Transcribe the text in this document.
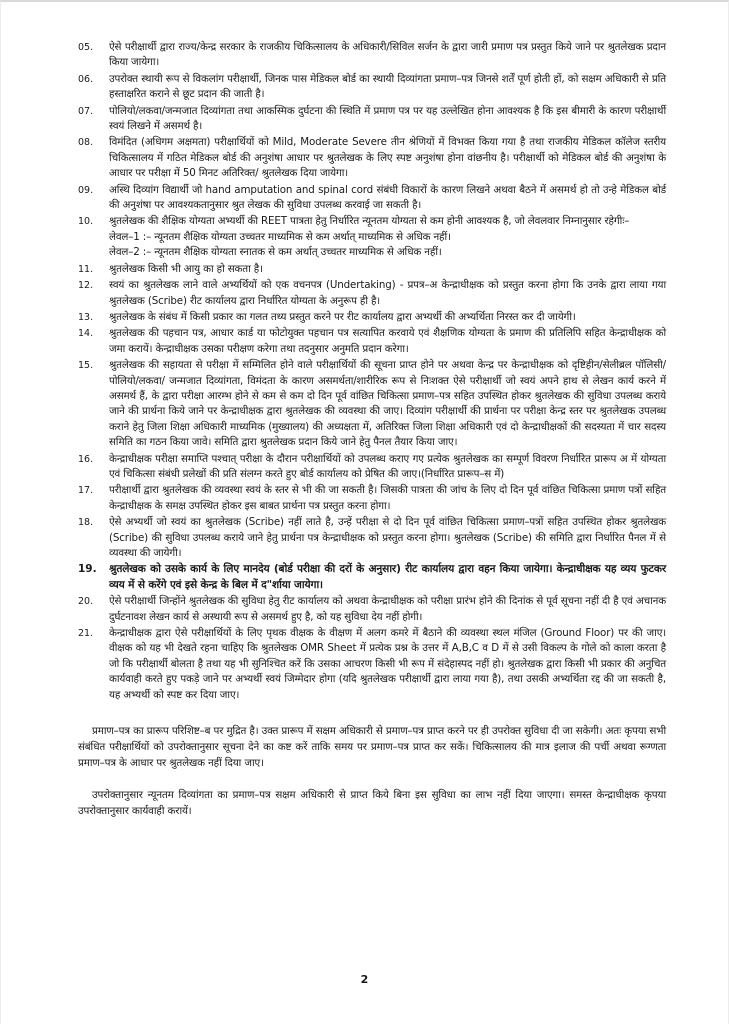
05.	ऐसे परीक्षार्थी द्वारा राज्य/केन्द्र सरकार के राजकीय चिकित्सालय के अधिकारी/सिविल सर्जन के द्वारा जारी प्रमाण पत्र प्रस्तुत किये जाने पर श्रुतलेखक प्रदान किया जायेगा।
06.	उपरोक्त स्थायी रूप से विकलांग परीक्षार्थी, जिनक पास मेडिकल बोर्ड का स्थायी दिव्यांगता प्रमाण–पत्र जिनसे शर्तें पूर्ण होती हों, को सक्षम अधिकारी से प्रति हस्ताक्षरित कराने से छूट प्रदान की जाती है।
07.	पोलियो/लकवा/जन्मजात दिव्यांगता तथा आकस्मिक दुर्घटना की स्थिति में प्रमाण पत्र पर यह उल्लेखित होना आवश्यक है कि इस बीमारी के कारण परीक्षार्थी स्वयं लिखने में असमर्थ है।
08.	विमंदित (अधिगम अक्षमता) परीक्षार्थियों को Mild, Moderate Severe तीन श्रेणियों में विभक्त किया गया है तथा राजकीय मेडिकल कॉलेज स्तरीय चिकित्सालय में गठित मेडिकल बोर्ड की अनुशंषा आधार पर श्रुतलेखक के लिए स्पष्ट अनुशंषा होना वांछनीय है। परीक्षार्थी को मेडिकल बोर्ड की अनुशंषा के आधार पर परीक्षा में 50 मिनट अतिरिक्त/ श्रुतलेखक दिया जायेगा।
09.	अस्थि दिव्यांग विद्यार्थी जो hand amputation and spinal cord संबंधी विकारों के कारण लिखने अथवा बैठने में असमर्थ हो तो उन्हे मेडिकल बोर्ड की अनुशंषा पर आवश्यकतानुसार श्रुत लेखक की सुविधा उपलब्ध करवाई जा सकती है।
10.	श्रुतलेखक की शैक्षिक योग्यता अभ्यर्थी की REET पात्रता हेतु निर्धारित न्यूनतम योग्यता से कम होनी आवश्यक है, जो लेवलवार निम्नानुसार रहेगीः–
लेवल–1 :– न्यूनतम शैक्षिक योग्यता उच्चतर माध्यमिक से कम अर्थात् माध्यमिक से अधिक नहीं।
लेवल–2 :– न्यूनतम शैक्षिक योग्यता स्नातक से कम अर्थात् उच्चतर माध्यमिक से अधिक नहीं।
11.	श्रुतलेखक किसी भी आयु का हो सकता है।
12.	स्वयं का श्रुतलेखक लाने वाले अभ्यर्थियों को एक वचनपत्र (Undertaking) - प्रपत्र–अ केन्द्राधीक्षक को प्रस्तुत करना होगा कि उनके द्वारा लाया गया श्रुतलेखक (Scribe) रीट कार्यालय द्वारा निर्धारित योग्यता के अनुरूप ही है।
13.	श्रुतलेखक के संबंध में किसी प्रकार का गलत तथ्य प्रस्तुत करने पर रीट कार्यालय द्वारा अभ्यर्थी की अभ्यर्थिता निरस्त कर दी जायेगी।
14.	श्रुतलेखक की पहचान पत्र, आधार कार्ड या फोटोयुक्त पहचान पत्र सत्यापित करवाये एवं शैक्षणिक योग्यता के प्रमाण की प्रतिलिपि सहित केन्द्राधीक्षक को जमा करायें। केन्द्राधीक्षक उसका परीक्षण करेगा तथा तदनुसार अनुमति प्रदान करेगा।
15.	श्रुतलेखक की सहायता से परीक्षा में सम्मिलित होने वाले परीक्षार्थियों की सूचना प्राप्त होने पर अथवा केन्द्र पर केन्द्राधीक्षक को दृष्टिहीन/सेलीब्रल पॉलिसी/पोलियो/लकवा/ जन्मजात दिव्यांगता, विमंदता के कारण असमर्थता/शारीरिक रूप से निःशक्त ऐसे परीक्षार्थी जो स्वयं अपने हाथ से लेखन कार्य करने में असमर्थ हैं, के द्वारा परीक्षा आरम्भ होने से कम से कम दो दिन पूर्व वांछित चिकित्सा प्रमाण–पत्र सहित उपस्थित होकर श्रुतलेखक की सुविधा उपलब्ध कराये जाने की प्रार्थना किये जाने पर केन्द्राधीक्षक द्वारा श्रुतलेखक की व्यवस्था की जाए। दिव्यांग परीक्षार्थी की प्रार्थना पर परीक्षा केन्द्र स्तर पर श्रुतलेखक उपलब्ध कराने हेतु जिला शिक्षा अधिकारी माध्यमिक (मुख्यालय) की अध्यक्षता में, अतिरिक्त जिला शिक्षा अधिकारी एवं दो केन्द्राधीक्षकों की सदस्यता में चार सदस्य समिति का गठन किया जावे। समिति द्वारा श्रुतलेखक प्रदान किये जाने हेतु पैनल तैयार किया जाए।
16.	केन्द्राधीक्षक परीक्षा समाप्ति पश्चात् परीक्षा के दौरान परीक्षार्थियों को उपलब्ध कराए गए प्रत्येक श्रुतलेखक का सम्पूर्ण विवरण निर्धारित प्रारूप अ में योग्यता एवं चिकित्सा संबंधी प्रलेखों की प्रति संलग्न करते हुए बोर्ड कार्यालय को प्रेषित की जाए।(निर्धारित प्रारूप–स में)
17.	परीक्षार्थी द्वारा श्रुतलेखक की व्यवस्था स्वयं के स्तर से भी की जा सकती है। जिसकी पात्रता की जांच के लिए दो दिन पूर्व वांछित चिकित्सा प्रमाण पत्रों सहित केन्द्राधीक्षक के समक्ष उपस्थित होकर इस बाबत प्रार्थना पत्र प्रस्तुत करना होगा।
18.	ऐसे अभ्यर्थी जो स्वयं का श्रुतलेखक (Scribe) नहीं लाते है, उन्हें परीक्षा से दो दिन पूर्व वांछित चिकित्सा प्रमाण–पत्रों सहित उपस्थित होकर श्रुतलेखक (Scribe) की सुविधा उपलब्ध कराये जाने हेतु प्रार्थना पत्र केन्द्राधीक्षक को प्रस्तुत करना होगा। श्रुतलेखक (Scribe) की समिति द्वारा निर्धारित पैनल में से व्यवस्था की जायेगी।
19.	श्रुतलेखक को उसके कार्य के लिए मानदेय (बोर्ड परीक्षा की दरों के अनुसार) रीट कार्यालय द्वारा वहन किया जायेगा। केन्द्राधीक्षक यह व्यय फुटकर व्यय में से करेंगे एवं इसे केन्द्र के बिल में द"र्शाया जायेगा।
20.	ऐसे परीक्षार्थी जिन्होंने श्रुतलेखक की सुविधा हेतु रीट कार्यालय को अथवा केन्द्राधीक्षक को परीक्षा प्रारंभ होने की दिनांक से पूर्व सूचना नहीं दी है एवं अचानक दुर्घटनावश लेखन कार्य से अस्थायी रूप से असमर्थ हुए है, को यह सुविधा देय नहीं होगी।
21.	केन्द्राधीक्षक द्वारा ऐसे परीक्षार्थियों के लिए पृथक वीक्षक के वीक्षण में अलग कमरे में बैठाने की व्यवस्था स्थल मंजिल (Ground Floor) पर की जाए। वीक्षक को यह भी देखते रहना चाहिए कि श्रुतलेखक OMR Sheet में प्रत्येक प्रश्न के उत्तर में A,B,C व D में से उसी विकल्प के गोले को काला करता है जो कि परीक्षार्थी बोलता है तथा यह भी सुनिश्चित करें कि उसका आचरण किसी भी रूप में संदेहास्पद नहीं हो। श्रुतलेखक द्वारा किसी भी प्रकार की अनुचित कार्यवाही करते हुए पकड़े जाने पर अभ्यर्थी स्वयं जिम्मेदार होगा (यदि श्रुतलेखक परीक्षार्थी द्वारा लाया गया है), तथा उसकी अभ्यर्थिता रद्द की जा सकती है, यह अभ्यर्थी को स्पष्ट कर दिया जाए।
प्रमाण–पत्र का प्रारूप परिशिष्ट–ब पर मुद्रित है। उक्त प्रारूप में सक्षम अधिकारी से प्रमाण–पत्र प्राप्त करने पर ही उपरोक्त सुविधा दी जा सकेगी। अतः कृपया सभी संबंधित परीक्षार्थियों को उपरोक्तानुसार सूचना देने का कष्ट करें ताकि समय पर प्रमाण–पत्र प्राप्त कर सकें। चिकित्सालय की मात्र इलाज की पर्ची अथवा रूग्णता प्रमाण–पत्र के आधार पर श्रुतलेखक नहीं दिया जाए।
उपरोक्तानुसार न्यूनतम दिव्यांगता का प्रमाण–पत्र सक्षम अधिकारी से प्राप्त किये बिना इस सुविधा का लाभ नहीं दिया जाएगा। समस्त केन्द्राधीक्षक कृपया उपरोक्तानुसार कार्यवाही करायें।
2
